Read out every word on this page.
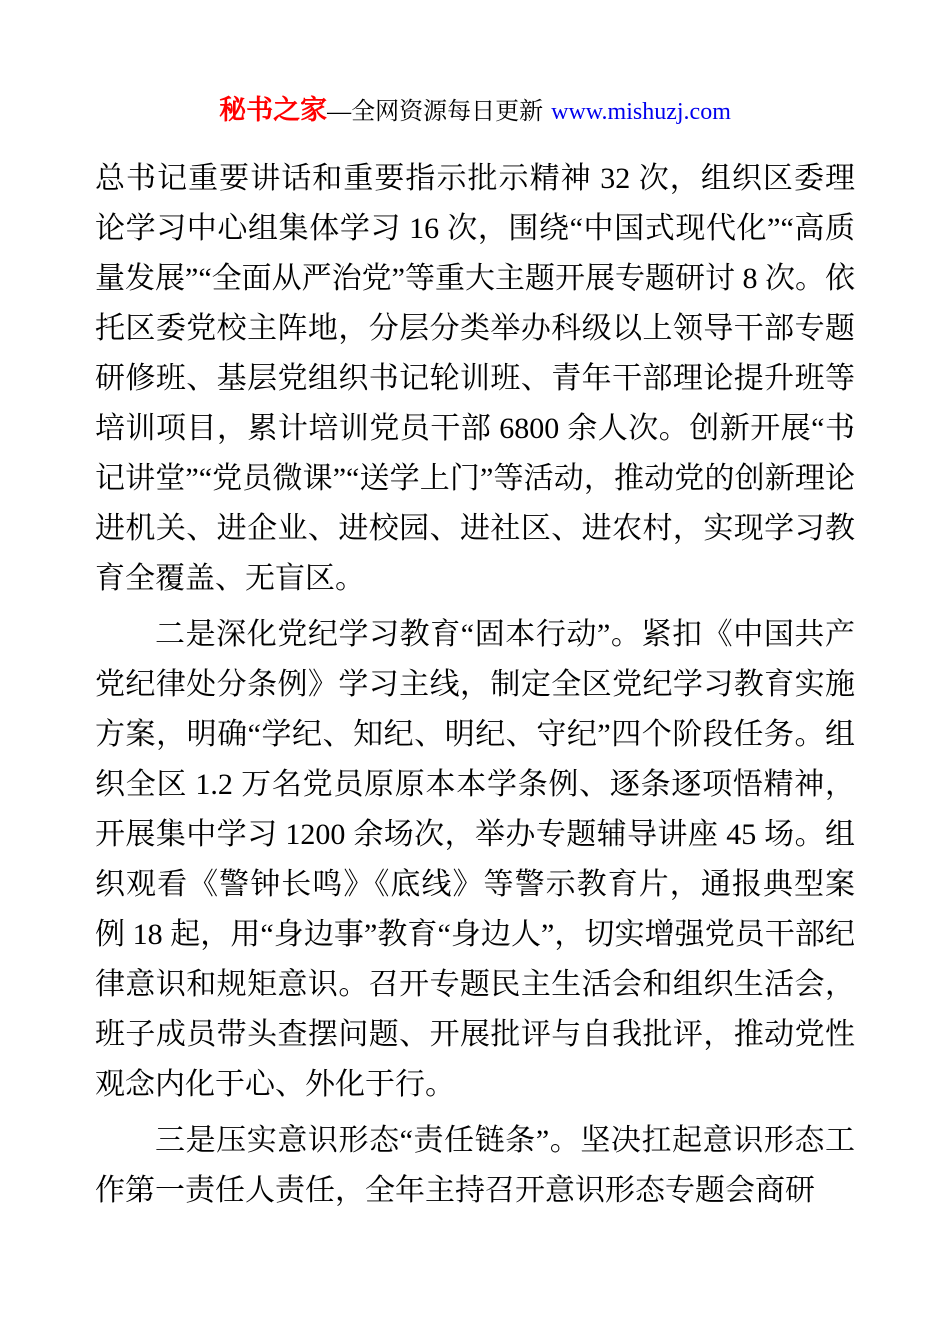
秘书之家—全网资源每日更新 www.mishuzj.com

总书记重要讲话和重要指示批示精神 32 次，组织区委理论学习中心组集体学习 16 次，围绕“中国式现代化”“高质量发展”“全面从严治党”等重大主题开展专题研讨 8 次。依托区委党校主阵地，分层分类举办科级以上领导干部专题研修班、基层党组织书记轮训班、青年干部理论提升班等培训项目，累计培训党员干部 6800 余人次。创新开展“书记讲堂”“党员微课”“送学上门”等活动，推动党的创新理论进机关、进企业、进校园、进社区、进农村，实现学习教育全覆盖、无盲区。

二是深化党纪学习教育“固本行动”。紧扣《中国共产党纪律处分条例》学习主线，制定全区党纪学习教育实施方案，明确“学纪、知纪、明纪、守纪”四个阶段任务。组织全区 1.2 万名党员原原本本学条例、逐条逐项悟精神，开展集中学习 1200 余场次，举办专题辅导讲座 45 场。组织观看《警钟长鸣》《底线》等警示教育片，通报典型案例 18 起，用“身边事”教育“身边人”，切实增强党员干部纪律意识和规矩意识。召开专题民主生活会和组织生活会，班子成员带头查摆问题、开展批评与自我批评，推动党性观念内化于心、外化于行。

三是压实意识形态“责任链条”。坚决扛起意识形态工作第一责任人责任，全年主持召开意识形态专题会商研
